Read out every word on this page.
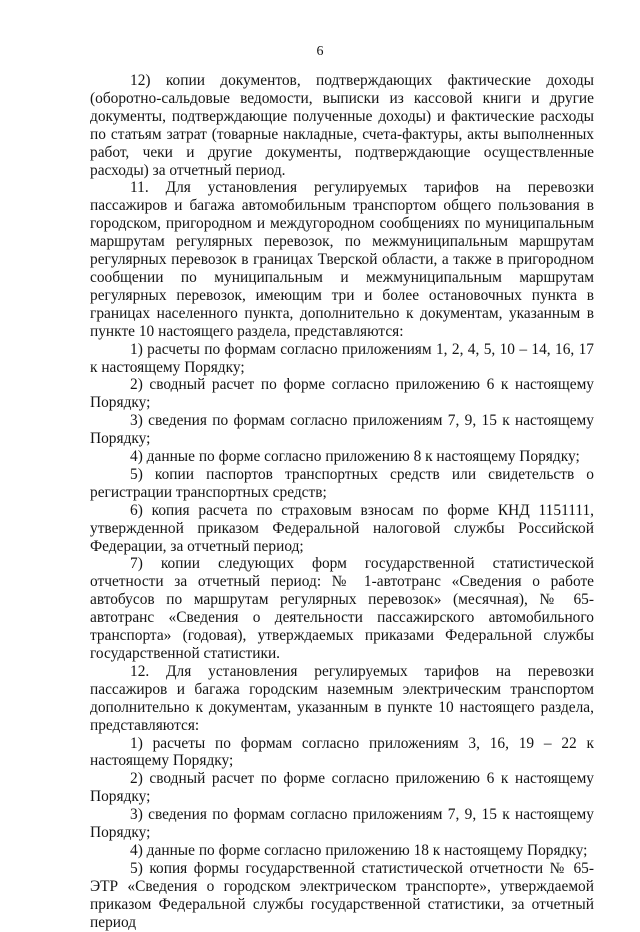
6

12) копии документов, подтверждающих фактические доходы (оборотно-сальдовые ведомости, выписки из кассовой книги и другие документы, подтверждающие полученные доходы) и фактические расходы по статьям затрат (товарные накладные, счета-фактуры, акты выполненных работ, чеки и другие документы, подтверждающие осуществленные расходы) за отчетный период.

11. Для установления регулируемых тарифов на перевозки пассажиров и багажа автомобильным транспортом общего пользования в городском, пригородном и междугородном сообщениях по муниципальным маршрутам регулярных перевозок, по межмуниципальным маршрутам регулярных перевозок в границах Тверской области, а также в пригородном сообщении по муниципальным и межмуниципальным маршрутам регулярных перевозок, имеющим три и более остановочных пункта в границах населенного пункта, дополнительно к документам, указанным в пункте 10 настоящего раздела, представляются:

1) расчеты по формам согласно приложениям 1, 2, 4, 5, 10 – 14, 16, 17 к настоящему Порядку;

2) сводный расчет по форме согласно приложению 6 к настоящему Порядку;

3) сведения по формам согласно приложениям 7, 9, 15 к настоящему Порядку;

4) данные по форме согласно приложению 8 к настоящему Порядку;

5) копии паспортов транспортных средств или свидетельств о регистрации транспортных средств;

6) копия расчета по страховым взносам по форме КНД 1151111, утвержденной приказом Федеральной налоговой службы Российской Федерации, за отчетный период;

7) копии следующих форм государственной статистической отчетности за отчетный период: № 1-автотранс «Сведения о работе автобусов по маршрутам регулярных перевозок» (месячная), № 65-автотранс «Сведения о деятельности пассажирского автомобильного транспорта» (годовая), утверждаемых приказами Федеральной службы государственной статистики.

12. Для установления регулируемых тарифов на перевозки пассажиров и багажа городским наземным электрическим транспортом дополнительно к документам, указанным в пункте 10 настоящего раздела, представляются:

1) расчеты по формам согласно приложениям 3, 16, 19 – 22 к настоящему Порядку;

2) сводный расчет по форме согласно приложению 6 к настоящему Порядку;

3) сведения по формам согласно приложениям 7, 9, 15 к настоящему Порядку;

4) данные по форме согласно приложению 18 к настоящему Порядку;

5) копия формы государственной статистической отчетности № 65-ЭТР «Сведения о городском электрическом транспорте», утверждаемой приказом Федеральной службы государственной статистики, за отчетный период
